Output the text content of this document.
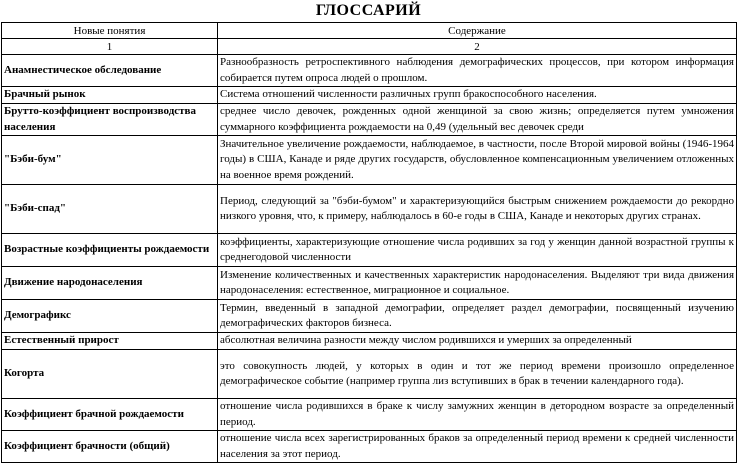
ГЛОССАРИЙ
Новые понятия	Содержание
1	2
Анамнестическое обследование	Разнообразность ретроспективного наблюдения демографических процессов, при котором информация собирается путем опроса людей о прошлом.
Брачный рынок	Система отношений численности различных групп бракоспособного населения.
Брутто-коэффициент воспроизводства населения	среднее число девочек, рожденных одной женщиной за свою жизнь; определяется путем умножения суммарного коэффициента рождаемости на 0,49 (удельный вес девочек среди
"Бэби-бум"	Значительное увеличение рождаемости, наблюдаемое, в частности, после Второй мировой войны (1946-1964 годы) в США, Канаде и ряде других государств, обусловленное компенсационным увеличением отложенных на военное время рождений.
"Бэби-спад"	Период, следующий за "бэби-бумом" и характеризующийся быстрым снижением рождаемости до рекордно низкого уровня, что, к примеру, наблюдалось в 60-е годы в США, Канаде и некоторых других странах.
Возрастные коэффициенты рождаемости	коэффициенты, характеризующие отношение числа родивших за год у женщин данной возрастной группы к среднегодовой численности
Движение народонаселения	Изменение количественных и качественных характеристик народонаселения. Выделяют три вида движения народонаселения: естественное, миграционное и социальное.
Демографикс	Термин, введенный в западной демографии, определяет раздел демографии, посвященный изучению демографических факторов бизнеса.
Естественный прирост	абсолютная величина разности между числом родившихся и умерших за определенный
Когорта	это совокупность людей, у которых в один и тот же период времени произошло определенное демографическое событие (например группа лиз вступивших в брак в течении календарного года).
Коэффициент брачной рождаемости	отношение числа родившихся в браке к числу замужних женщин в детородном возрасте за определенный период.
Коэффициент брачности (общий)	отношение числа всех зарегистрированных браков за определенный период времени к средней численности населения за этот период.
